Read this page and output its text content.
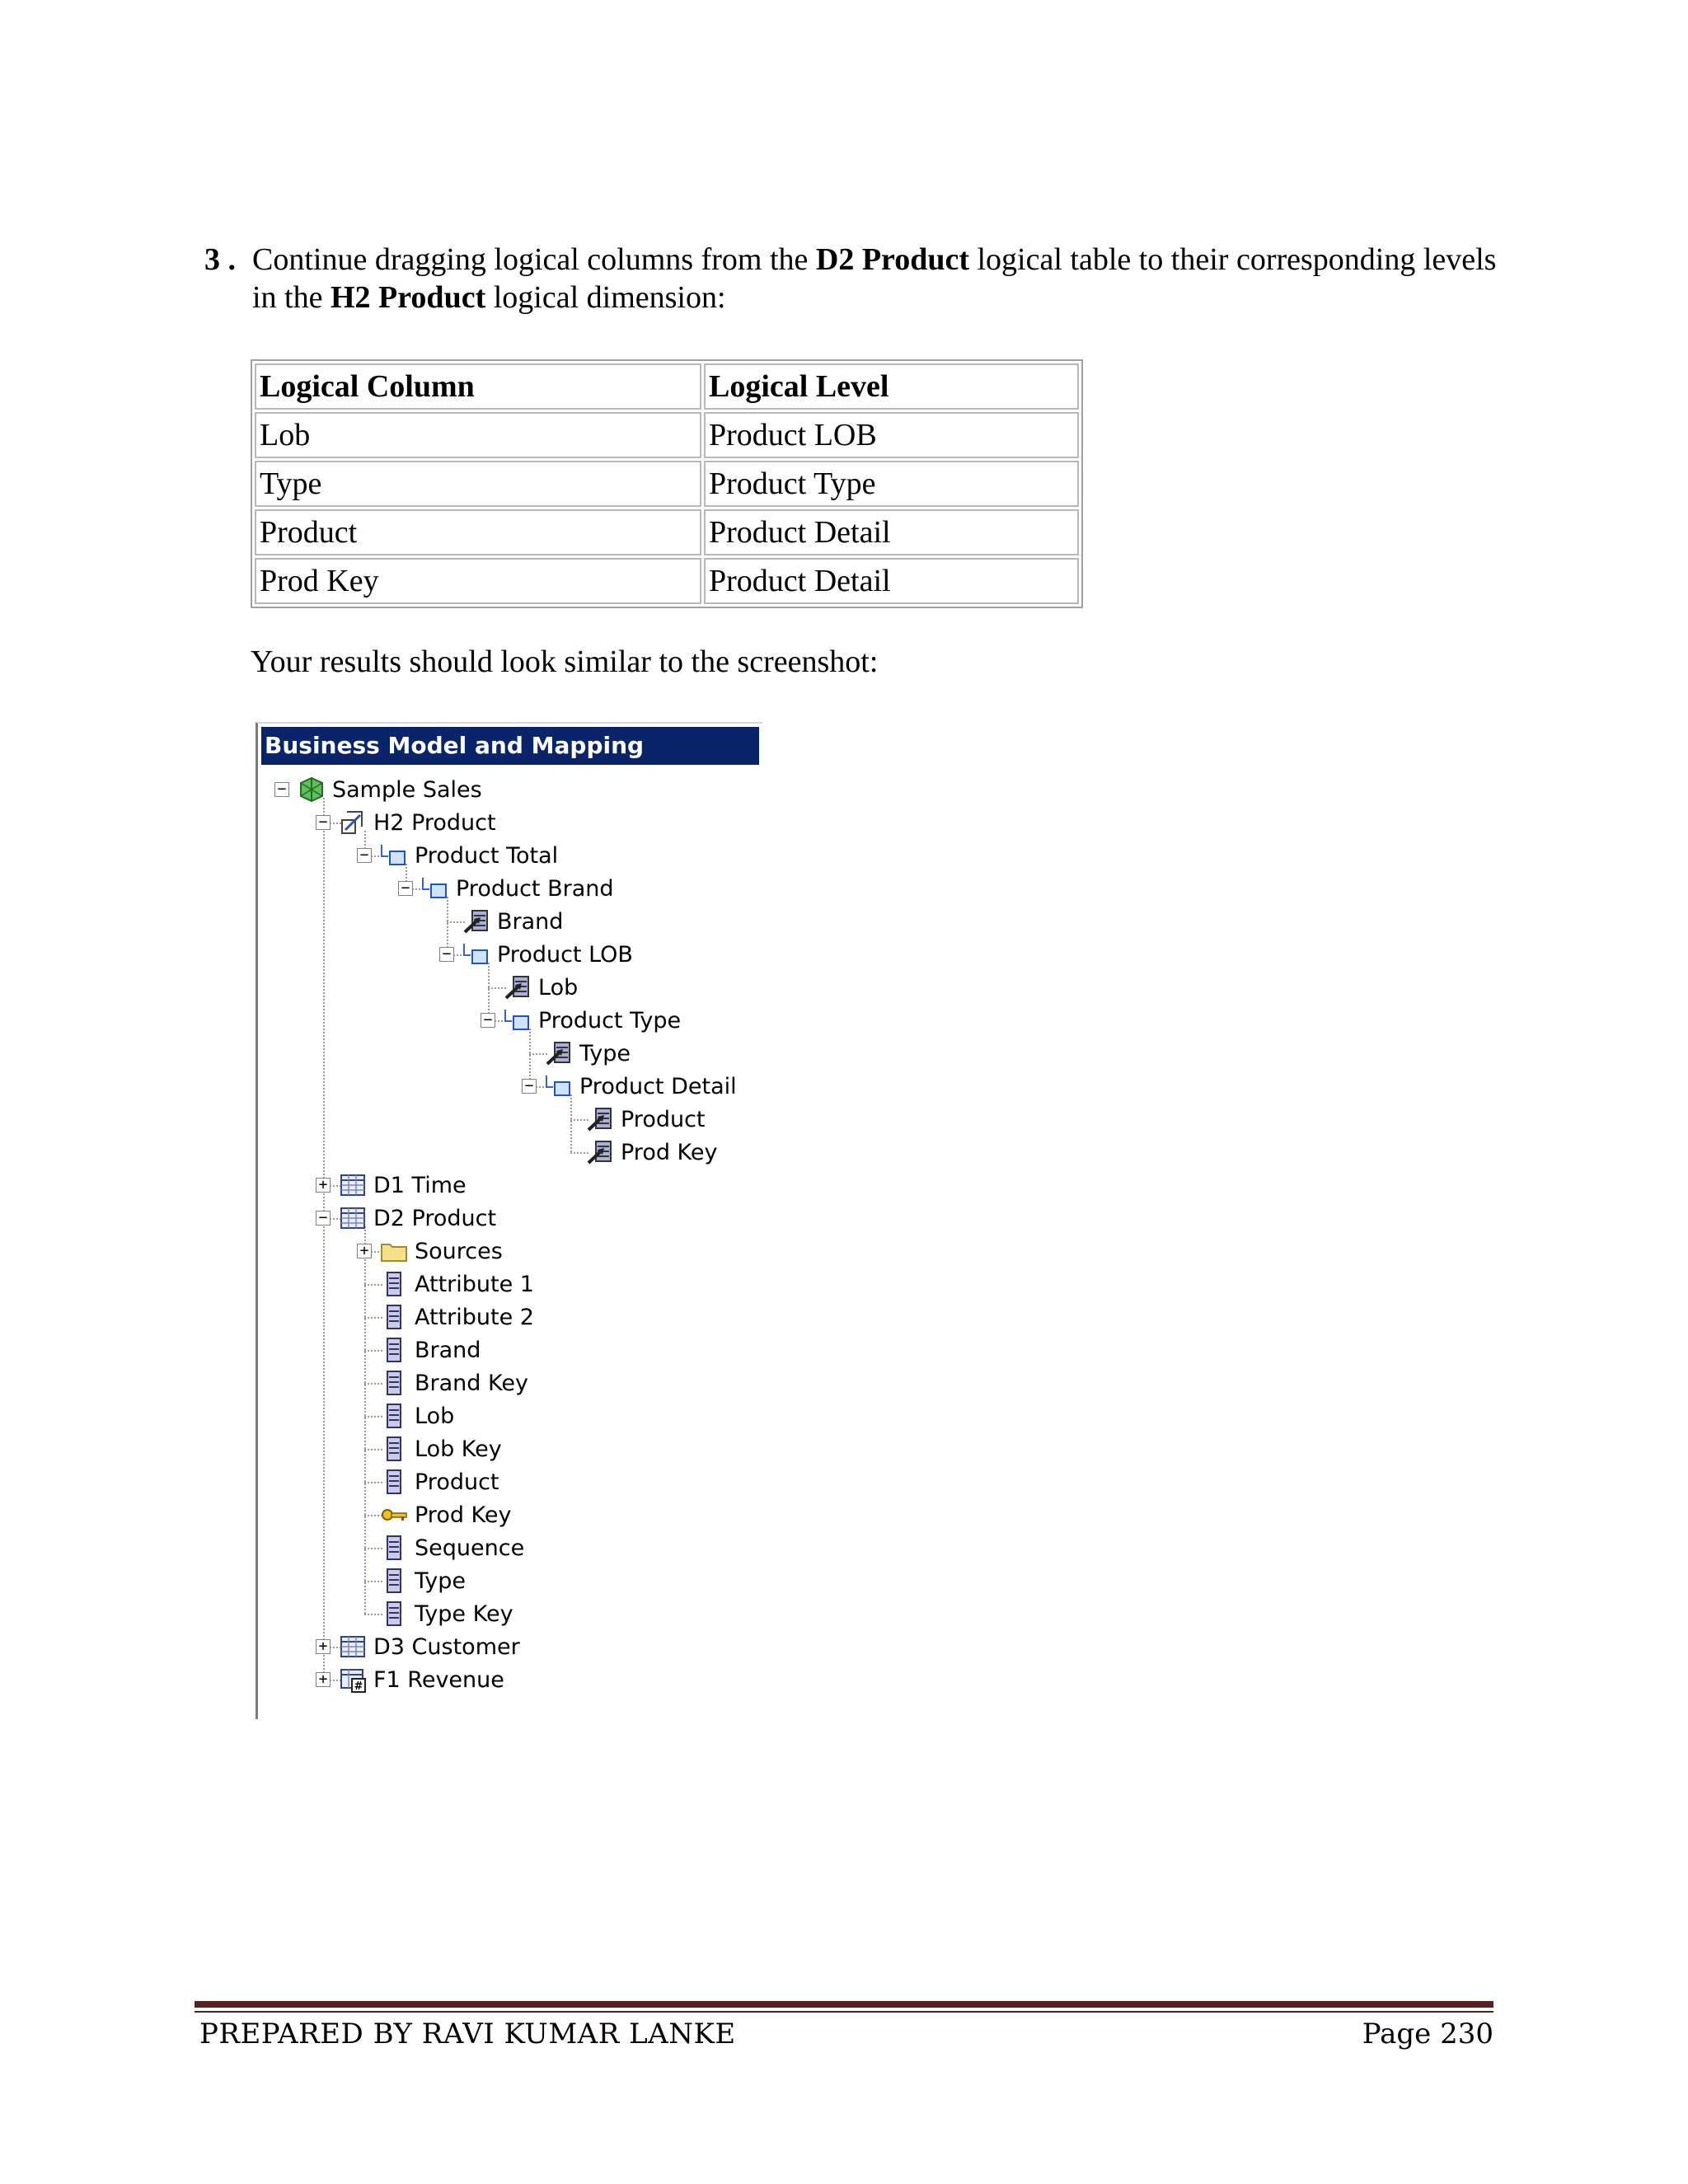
3 . Continue dragging logical columns from the D2 Product logical table to their corresponding levels in the H2 Product logical dimension:
Logical Column	Logical Level
Lob	Product LOB
Type	Product Type
Product	Product Detail
Prod Key	Product Detail
Your results should look similar to the screenshot:
Business Model and Mapping
− Sample Sales
− H2 Product
− Product Total
− Product Brand
Brand
− Product LOB
Lob
− Product Type
Type
− Product Detail
Product
Prod Key
+ D1 Time
− D2 Product
+ Sources
Attribute 1
Attribute 2
Brand
Brand Key
Lob
Lob Key
Product
Prod Key
Sequence
Type
Type Key
+ D3 Customer
+ # F1 Revenue
PREPARED BY RAVI KUMAR LANKE	Page 230
